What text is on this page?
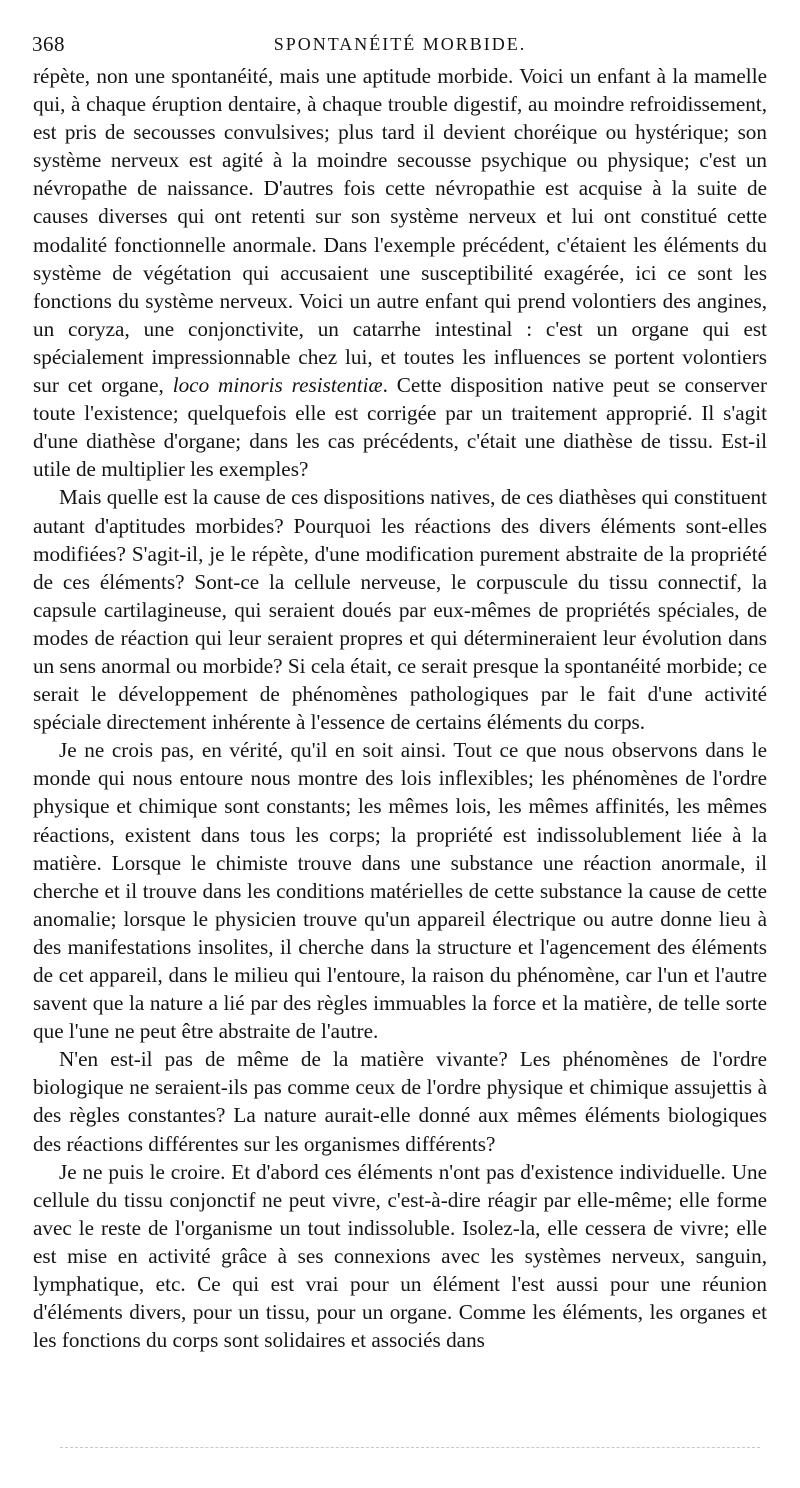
368	SPONTANÉITÉ MORBIDE.

répète, non une spontanéité, mais une aptitude morbide. Voici un enfant à la mamelle qui, à chaque éruption dentaire, à chaque trouble digestif, au moindre refroidissement, est pris de secousses convulsives; plus tard il devient choréique ou hystérique; son système nerveux est agité à la moindre secousse psychique ou physique; c'est un névropathe de naissance. D'autres fois cette névropathie est acquise à la suite de causes diverses qui ont retenti sur son système nerveux et lui ont constitué cette modalité fonctionnelle anormale. Dans l'exemple précédent, c'étaient les éléments du système de végétation qui accusaient une susceptibilité exagérée, ici ce sont les fonctions du système nerveux. Voici un autre enfant qui prend volontiers des angines, un coryza, une conjonctivite, un catarrhe intestinal : c'est un organe qui est spécialement impressionnable chez lui, et toutes les influences se portent volontiers sur cet organe, loco minoris resistentiæ. Cette disposition native peut se conserver toute l'existence; quelquefois elle est corrigée par un traitement approprié. Il s'agit d'une diathèse d'organe; dans les cas précédents, c'était une diathèse de tissu. Est-il utile de multiplier les exemples?

Mais quelle est la cause de ces dispositions natives, de ces diathèses qui constituent autant d'aptitudes morbides? Pourquoi les réactions des divers éléments sont-elles modifiées? S'agit-il, je le répète, d'une modification purement abstraite de la propriété de ces éléments? Sont-ce la cellule nerveuse, le corpuscule du tissu connectif, la capsule cartilagineuse, qui seraient doués par eux-mêmes de propriétés spéciales, de modes de réaction qui leur seraient propres et qui détermineraient leur évolution dans un sens anormal ou morbide? Si cela était, ce serait presque la spontanéité morbide; ce serait le développement de phénomènes pathologiques par le fait d'une activité spéciale directement inhérente à l'essence de certains éléments du corps.

Je ne crois pas, en vérité, qu'il en soit ainsi. Tout ce que nous observons dans le monde qui nous entoure nous montre des lois inflexibles; les phénomènes de l'ordre physique et chimique sont constants; les mêmes lois, les mêmes affinités, les mêmes réactions, existent dans tous les corps; la propriété est indissolublement liée à la matière. Lorsque le chimiste trouve dans une substance une réaction anormale, il cherche et il trouve dans les conditions matérielles de cette substance la cause de cette anomalie; lorsque le physicien trouve qu'un appareil électrique ou autre donne lieu à des manifestations insolites, il cherche dans la structure et l'agencement des éléments de cet appareil, dans le milieu qui l'entoure, la raison du phénomène, car l'un et l'autre savent que la nature a lié par des règles immuables la force et la matière, de telle sorte que l'une ne peut être abstraite de l'autre.

N'en est-il pas de même de la matière vivante? Les phénomènes de l'ordre biologique ne seraient-ils pas comme ceux de l'ordre physique et chimique assujettis à des règles constantes? La nature aurait-elle donné aux mêmes éléments biologiques des réactions différentes sur les organismes différents?

Je ne puis le croire. Et d'abord ces éléments n'ont pas d'existence individuelle. Une cellule du tissu conjonctif ne peut vivre, c'est-à-dire réagir par elle-même; elle forme avec le reste de l'organisme un tout indissoluble. Isolez-la, elle cessera de vivre; elle est mise en activité grâce à ses connexions avec les systèmes nerveux, sanguin, lymphatique, etc. Ce qui est vrai pour un élément l'est aussi pour une réunion d'éléments divers, pour un tissu, pour un organe. Comme les éléments, les organes et les fonctions du corps sont solidaires et associés dans
